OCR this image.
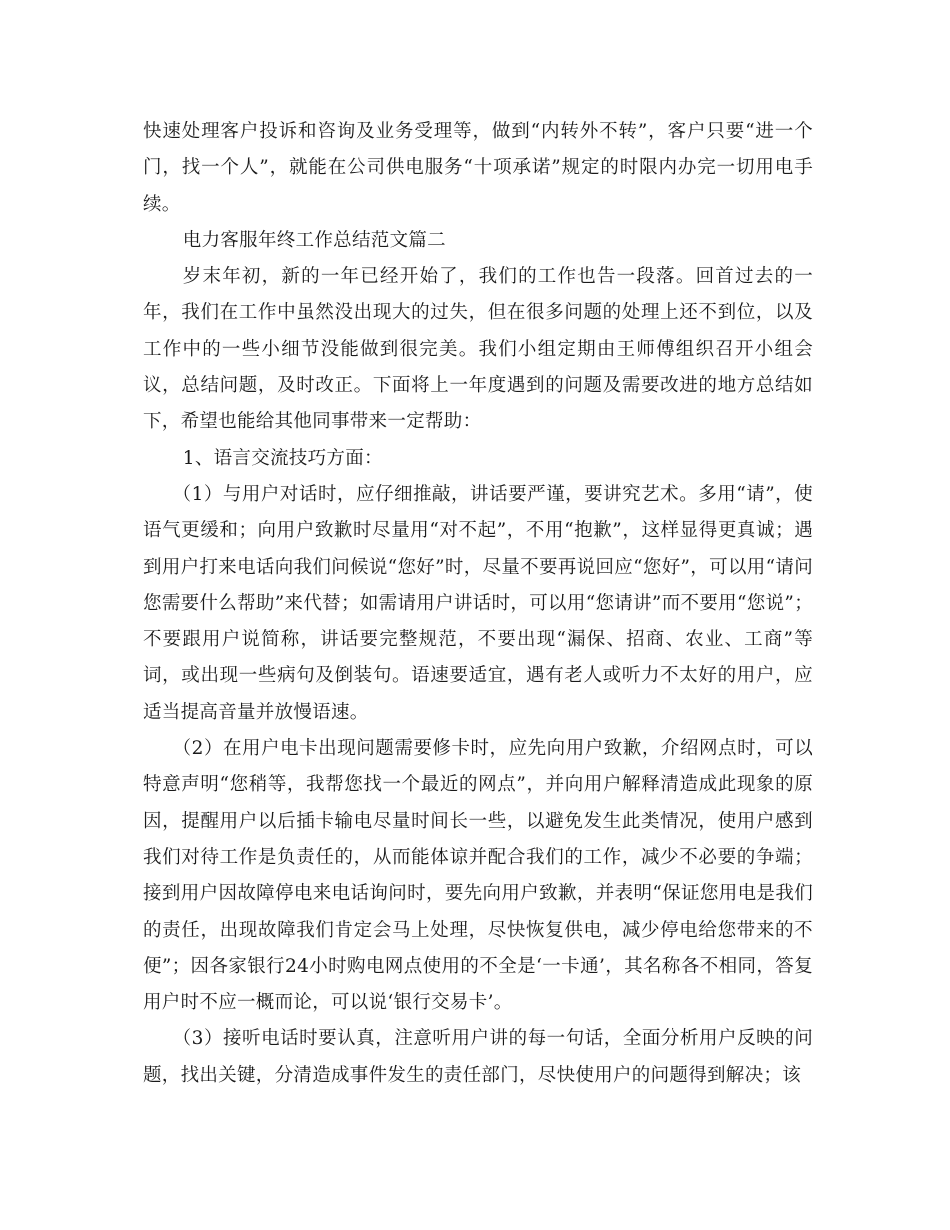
快速处理客户投诉和咨询及业务受理等，做到“内转外不转”，客户只要“进一个门，找一个人”，就能在公司供电服务“十项承诺”规定的时限内办完一切用电手续。

电力客服年终工作总结范文篇二

岁末年初，新的一年已经开始了，我们的工作也告一段落。回首过去的一年，我们在工作中虽然没出现大的过失，但在很多问题的处理上还不到位，以及工作中的一些小细节没能做到很完美。我们小组定期由王师傅组织召开小组会议，总结问题，及时改正。下面将上一年度遇到的问题及需要改进的地方总结如下，希望也能给其他同事带来一定帮助：

1、语言交流技巧方面：

（1）与用户对话时，应仔细推敲，讲话要严谨，要讲究艺术。多用“请”，使语气更缓和；向用户致歉时尽量用“对不起”，不用“抱歉”，这样显得更真诚；遇到用户打来电话向我们问候说“您好”时，尽量不要再说回应“您好”，可以用“请问您需要什么帮助”来代替；如需请用户讲话时，可以用“您请讲”而不要用“您说”；不要跟用户说简称，讲话要完整规范，不要出现“漏保、招商、农业、工商”等词，或出现一些病句及倒装句。语速要适宜，遇有老人或听力不太好的用户，应适当提高音量并放慢语速。

（2）在用户电卡出现问题需要修卡时，应先向用户致歉，介绍网点时，可以特意声明“您稍等，我帮您找一个最近的网点”，并向用户解释清造成此现象的原因，提醒用户以后插卡输电尽量时间长一些，以避免发生此类情况，使用户感到我们对待工作是负责任的，从而能体谅并配合我们的工作，减少不必要的争端；接到用户因故障停电来电话询问时，要先向用户致歉，并表明“保证您用电是我们的责任，出现故障我们肯定会马上处理，尽快恢复供电，减少停电给您带来的不便”；因各家银行24小时购电网点使用的不全是‘一卡通’，其名称各不相同，答复用户时不应一概而论，可以说‘银行交易卡’。

（3）接听电话时要认真，注意听用户讲的每一句话，全面分析用户反映的问题，找出关键，分清造成事件发生的责任部门，尽快使用户的问题得到解决；该
